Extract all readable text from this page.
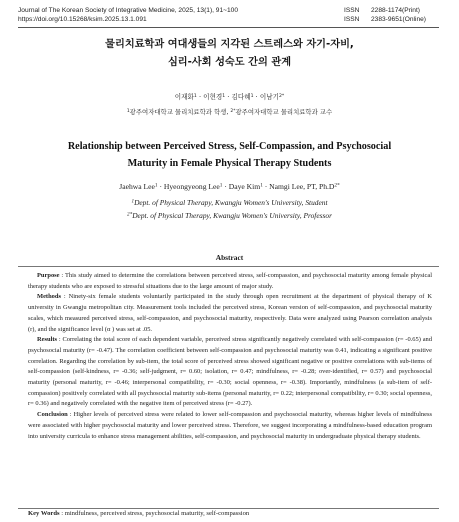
Journal of The Korean Society of Integrative Medicine, 2025, 13(1), 91~100
https://doi.org/10.15268/ksim.2025.13.1.091
ISSN	2288-1174(Print)
ISSN	2383-9651(Online)
물리치료학과 여대생들의 지각된 스트레스와 자기-자비,
심리-사회 성숙도 간의 관계
이재화$^1$ · 이현경$^1$ · 김다혜$^1$ · 이남기$^{2*}$
$^1$광주여자대학교 물리치료학과 학생, $^{2*}$광주여자대학교 물리치료학과 교수
Relationship between Perceived Stress, Self-Compassion, and Psychosocial
Maturity in Female Physical Therapy Students
Jaehwa Lee$^1$ · Hyeongyeong Lee$^1$ · Daye Kim$^1$ · Namgi Lee, PT, $Ph.D^{2*}$
$^1$Dept. of Physical Therapy, Kwangju Women's University, Student
$^{2*}$Dept. of Physical Therapy, Kwangju Women's University, Professor
Abstract

Purpose : This study aimed to determine the correlations between perceived stress, self-compassion, and psychosocial maturity among female physical therapy students who are exposed to stressful situations due to the large amount of major study.

Methods : Ninety-six female students voluntarily participated in the study through open recruitment at the department of physical therapy of K university in Gwangju metropolitan city. Measurement tools included the perceived stress, Korean version of self-compassion, and psychosocial maturity scales, which measured perceived stress, self-compassion, and psychosocial maturity, respectively. Data were analyzed using Pearson correlation analysis (r), and the significance level (α ) was set at .05.

Results : Correlating the total score of each dependent variable, perceived stress significantly negatively correlated with self-compassion (r= -0.65) and psychosocial maturity (r= -0.47). The correlation coefficient between self-compassion and psychosocial maturity was 0.41, indicating a significant positive correlation. Regarding the correlation by sub-item, the total score of perceived stress showed significant negative or positive correlations with sub-items of self-compassion (self-kindness, r= -0.36; self-judgment, r= 0.60; isolation, r= 0.47; mindfulness, r= -0.28; over-identified, r= 0.57) and psychosocial maturity (personal maturity, r= -0.46; interpersonal compatibility, r= -0.30; social openness, r= -0.38). Importantly, mindfulness (a sub-item of self-compassion) positively correlated with all psychosocial maturity sub-items (personal maturity, r= 0.22; interpersonal compatibility, r= 0.30; social openness, r= 0.36) and negatively correlated with the negative item of perceived stress (r= -0.27).

Conclusion : Higher levels of perceived stress were related to lower self-compassion and psychosocial maturity, whereas higher levels of mindfulness were associated with higher psychosocial maturity and lower perceived stress. Therefore, we suggest incorporating a mindfulness-based education program into university curricula to enhance stress management abilities, self-compassion, and psychosocial maturity in undergraduate physical therapy students.

Key Words : mindfulness, perceived stress, psychosocial maturity, self-compassion
